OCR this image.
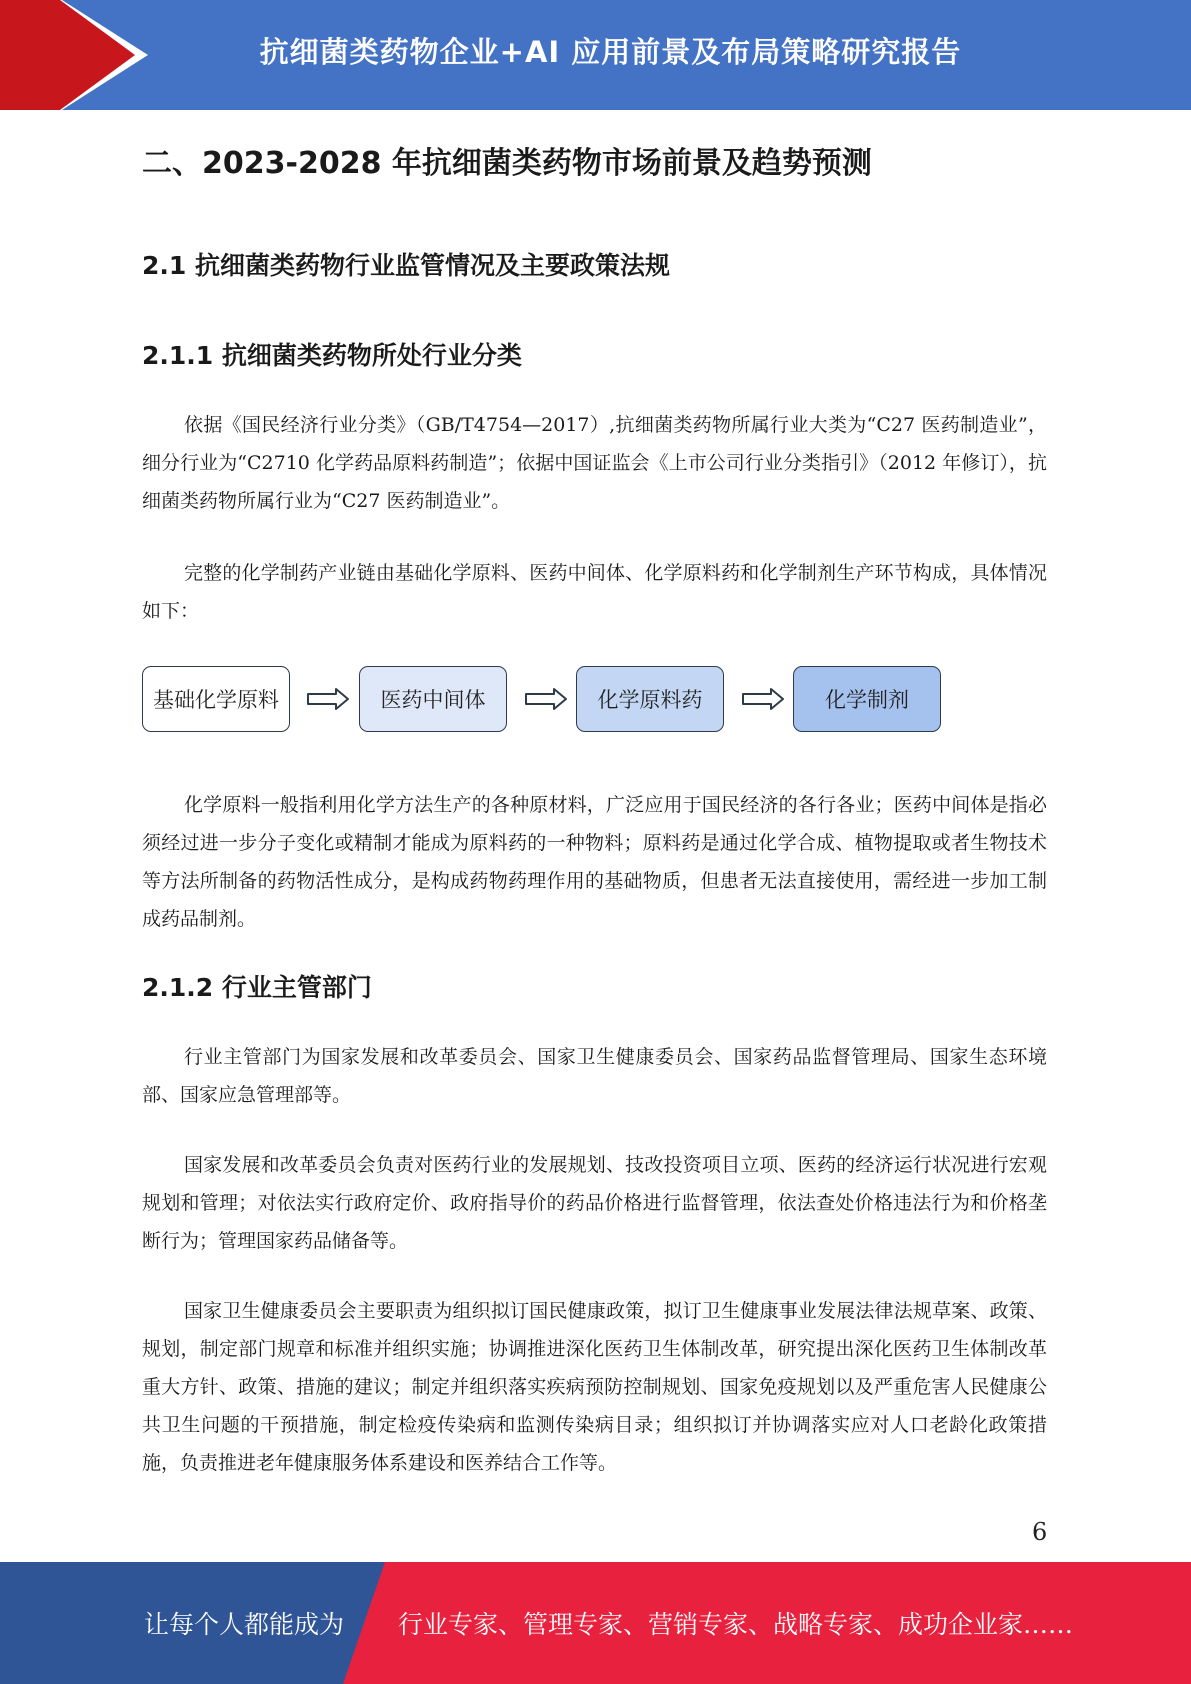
抗细菌类药物企业+AI 应用前景及布局策略研究报告
二、2023-2028 年抗细菌类药物市场前景及趋势预测
2.1 抗细菌类药物行业监管情况及主要政策法规
2.1.1 抗细菌类药物所处行业分类

依据《国民经济行业分类》（GB/T4754—2017）,抗细菌类药物所属行业大类为“C27 医药制造业”，细分行业为“C2710 化学药品原料药制造”；依据中国证监会《上市公司行业分类指引》（2012 年修订），抗细菌类药物所属行业为“C27 医药制造业”。

完整的化学制药产业链由基础化学原料、医药中间体、化学原料药和化学制剂生产环节构成，具体情况如下：

基础化学原料	医药中间体	化学原料药	化学制剂

化学原料一般指利用化学方法生产的各种原材料，广泛应用于国民经济的各行各业；医药中间体是指必须经过进一步分子变化或精制才能成为原料药的一种物料；原料药是通过化学合成、植物提取或者生物技术等方法所制备的药物活性成分，是构成药物药理作用的基础物质，但患者无法直接使用，需经进一步加工制成药品制剂。

2.1.2 行业主管部门

行业主管部门为国家发展和改革委员会、国家卫生健康委员会、国家药品监督管理局、国家生态环境部、国家应急管理部等。

国家发展和改革委员会负责对医药行业的发展规划、技改投资项目立项、医药的经济运行状况进行宏观规划和管理；对依法实行政府定价、政府指导价的药品价格进行监督管理，依法查处价格违法行为和价格垄断行为；管理国家药品储备等。

国家卫生健康委员会主要职责为组织拟订国民健康政策，拟订卫生健康事业发展法律法规草案、政策、规划，制定部门规章和标准并组织实施；协调推进深化医药卫生体制改革，研究提出深化医药卫生体制改革重大方针、政策、措施的建议；制定并组织落实疾病预防控制规划、国家免疫规划以及严重危害人民健康公共卫生问题的干预措施，制定检疫传染病和监测传染病目录；组织拟订并协调落实应对人口老龄化政策措施，负责推进老年健康服务体系建设和医养结合工作等。

6
让每个人都能成为 行业专家、管理专家、营销专家、战略专家、成功企业家……
